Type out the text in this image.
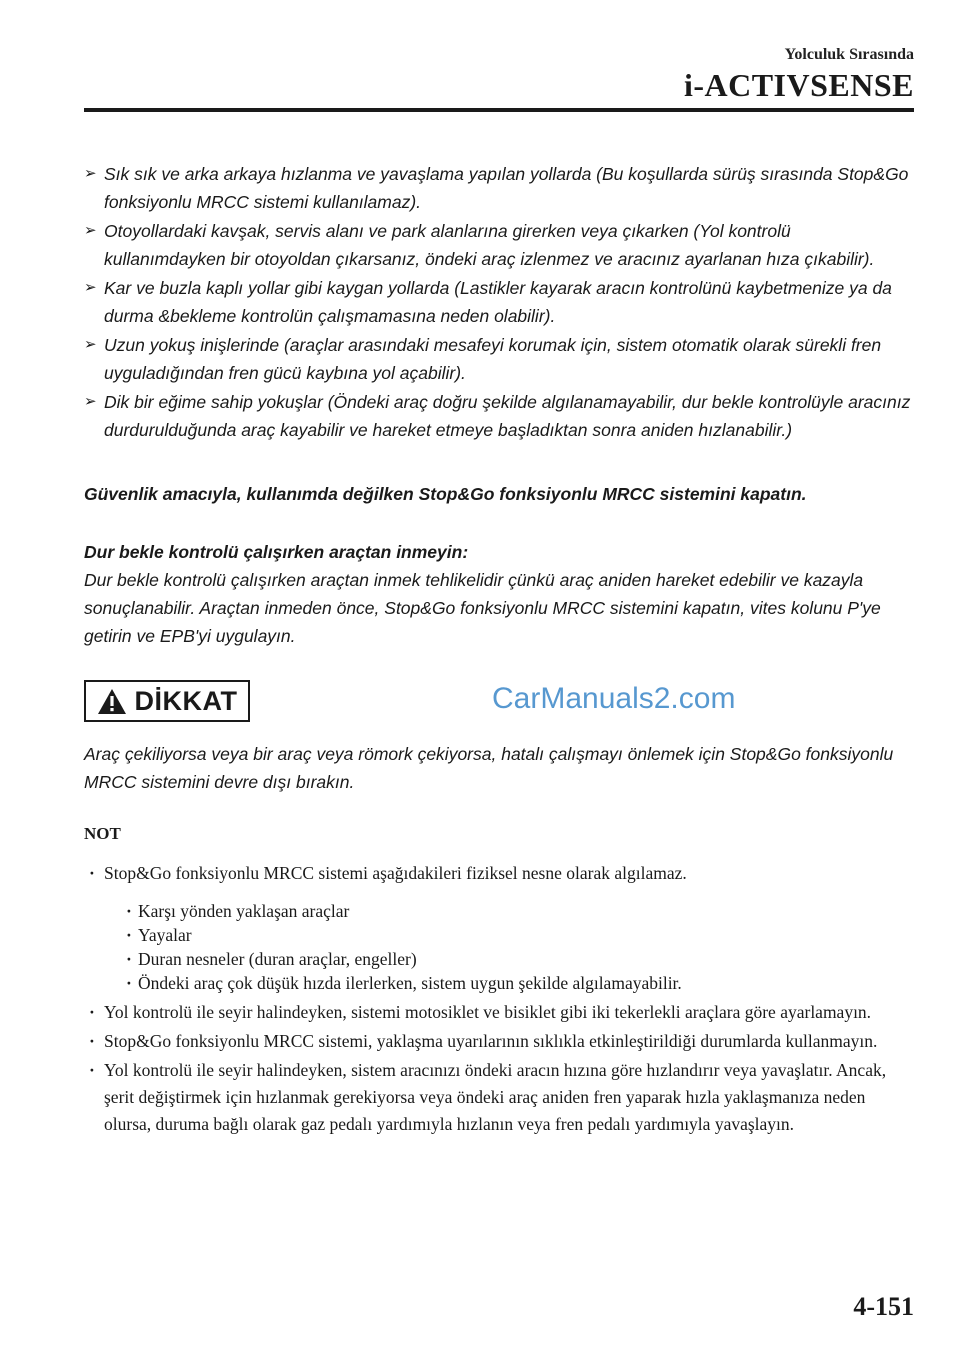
Yolculuk Sırasında
i-ACTIVSENSE
➢ Sık sık ve arka arkaya hızlanma ve yavaşlama yapılan yollarda (Bu koşullarda sürüş sırasında Stop&Go fonksiyonlu MRCC sistemi kullanılamaz).
➢ Otoyollardaki kavşak, servis alanı ve park alanlarına girerken veya çıkarken (Yol kontrolü kullanımdayken bir otoyoldan çıkarsanız, öndeki araç izlenmez ve aracınız ayarlanan hıza çıkabilir).
➢ Kar ve buzla kaplı yollar gibi kaygan yollarda (Lastikler kayarak aracın kontrolünü kaybetmenize ya da durma &bekleme kontrolün çalışmamasına neden olabilir).
➢ Uzun yokuş inişlerinde (araçlar arasındaki mesafeyi korumak için, sistem otomatik olarak sürekli fren uyguladığından fren gücü kaybına yol açabilir).
➢ Dik bir eğime sahip yokuşlar (Öndeki araç doğru şekilde algılanamayabilir, dur bekle kontrolüyle aracınız durdurulduğunda araç kayabilir ve hareket etmeye başladıktan sonra aniden hızlanabilir.)
Güvenlik amacıyla, kullanımda değilken Stop&Go fonksiyonlu MRCC sistemini kapatın.
Dur bekle kontrolü çalışırken araçtan inmeyin:
Dur bekle kontrolü çalışırken araçtan inmek tehlikelidir çünkü araç aniden hareket edebilir ve kazayla sonuçlanabilir. Araçtan inmeden önce, Stop&Go fonksiyonlu MRCC sistemini kapatın, vites kolunu P'ye getirin ve EPB'yi uygulayın.
DİKKAT	CarManuals2.com
Araç çekiliyorsa veya bir araç veya römork çekiyorsa, hatalı çalışmayı önlemek için Stop&Go fonksiyonlu MRCC sistemini devre dışı bırakın.
NOT
· Stop&Go fonksiyonlu MRCC sistemi aşağıdakileri fiziksel nesne olarak algılamaz.
· Karşı yönden yaklaşan araçlar
· Yayalar
· Duran nesneler (duran araçlar, engeller)
· Öndeki araç çok düşük hızda ilerlerken, sistem uygun şekilde algılamayabilir.
· Yol kontrolü ile seyir halindeyken, sistemi motosiklet ve bisiklet gibi iki tekerlekli araçlara göre ayarlamayın.
· Stop&Go fonksiyonlu MRCC sistemi, yaklaşma uyarılarının sıklıkla etkinleştirildiği durumlarda kullanmayın.
· Yol kontrolü ile seyir halindeyken, sistem aracınızı öndeki aracın hızına göre hızlandırır veya yavaşlatır. Ancak, şerit değiştirmek için hızlanmak gerekiyorsa veya öndeki araç aniden fren yaparak hızla yaklaşmanıza neden olursa, duruma bağlı olarak gaz pedalı yardımıyla hızlanın veya fren pedalı yardımıyla yavaşlayın.
4-151
